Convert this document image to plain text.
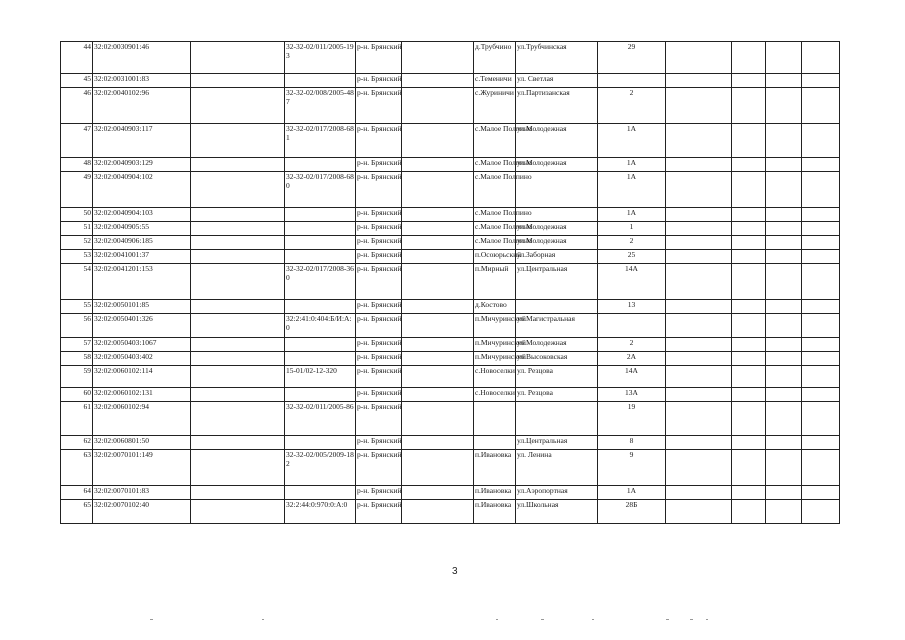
44	32:02:0030901:46		32-32-02/011/2005-193	р-н. Брянский		д.Трубчино	ул.Трубчинская	29				
45	32:02:0031001:83			р-н. Брянский		с.Теменичи	ул. Светлая					
46	32:02:0040102:96		32-32-02/008/2005-487	р-н. Брянский		с.Журиничи	ул.Партизанская	2				
47	32:02:0040903:117		32-32-02/017/2008-681	р-н. Брянский		с.Малое Полпино	ул.Молодежная	1А				
48	32:02:0040903:129			р-н. Брянский		с.Малое Полпино	ул.Молодежная	1А				
49	32:02:0040904:102		32-32-02/017/2008-680	р-н. Брянский		с.Малое Полпино		1А				
50	32:02:0040904:103			р-н. Брянский		с.Малое Полпино		1А				
51	32:02:0040905:55			р-н. Брянский		с.Малое Полпино	ул.Молодежная	1				
52	32:02:0040906:185			р-н. Брянский		с.Малое Полпино	ул.Молодежная	2				
53	32:02:0041001:37			р-н. Брянский		п.Осоюрьский	ул.Заборная	25				
54	32:02:0041201:153		32-32-02/017/2008-360	р-н. Брянский		п.Мирный	ул.Центральная	14А				
55	32:02:0050101:85			р-н. Брянский		д.Костово		13				
56	32:02:0050401:326		32:2:41:0:404:Б/И:А:0	р-н. Брянский		п.Мичуринский	ул.Магистральная					
57	32:02:0050403:1067			р-н. Брянский		п.Мичуринский	ул.Молодежная	2				
58	32:02:0050403:402			р-н. Брянский		п.Мичуринский	ул.Высоковская	2А				
59	32:02:0060102:114		15-01/02-12-320	р-н. Брянский		с.Новоселки	ул. Резцова	14А				
60	32:02:0060102:131			р-н. Брянский		с.Новоселки	ул. Резцова	13А				
61	32:02:0060102:94		32-32-02/011/2005-86	р-н. Брянский				19				
62	32:02:0060801:50			р-н. Брянский			ул.Центральная	8				
63	32:02:0070101:149		32-32-02/005/2009-182	р-н. Брянский		п.Ивановка	ул. Ленина	9				
64	32:02:0070101:83			р-н. Брянский		п.Ивановка	ул.Аэропортная	1А				
65	32:02:0070102:40		32:2:44:0:970:0:А:0	р-н. Брянский		п.Ивановка	ул.Школьная	28Б				
3
